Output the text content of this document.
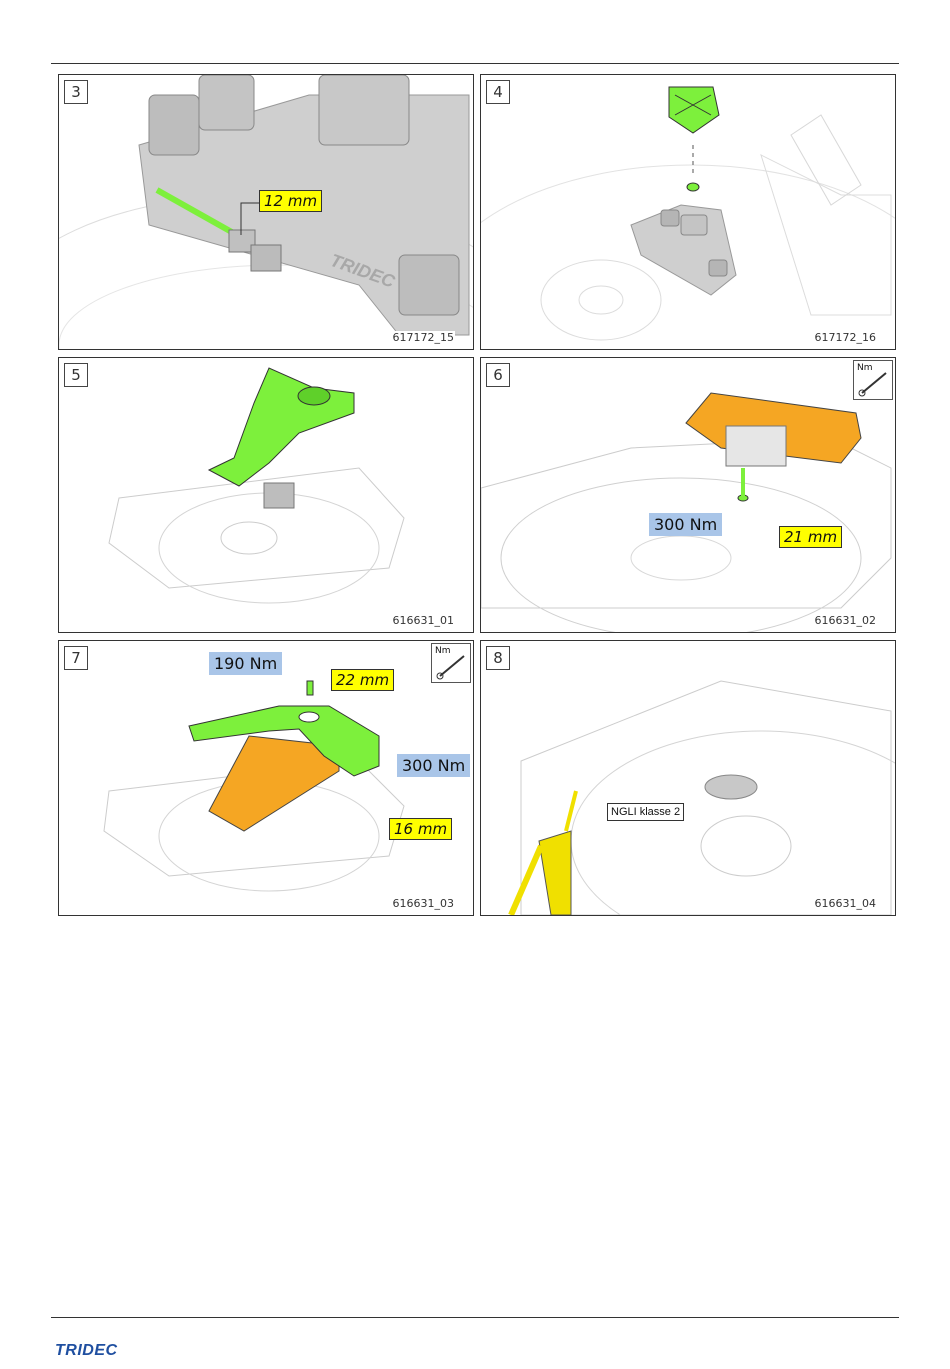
TRIDEC
3
12 mm
617172_15
4
617172_16
5
616631_01
6	Nm
300 Nm
21 mm
616631_02
7	Nm
190 Nm
22 mm
300 Nm
16 mm
616631_03
8
NGLI klasse 2
616631_04
TRIDEC
